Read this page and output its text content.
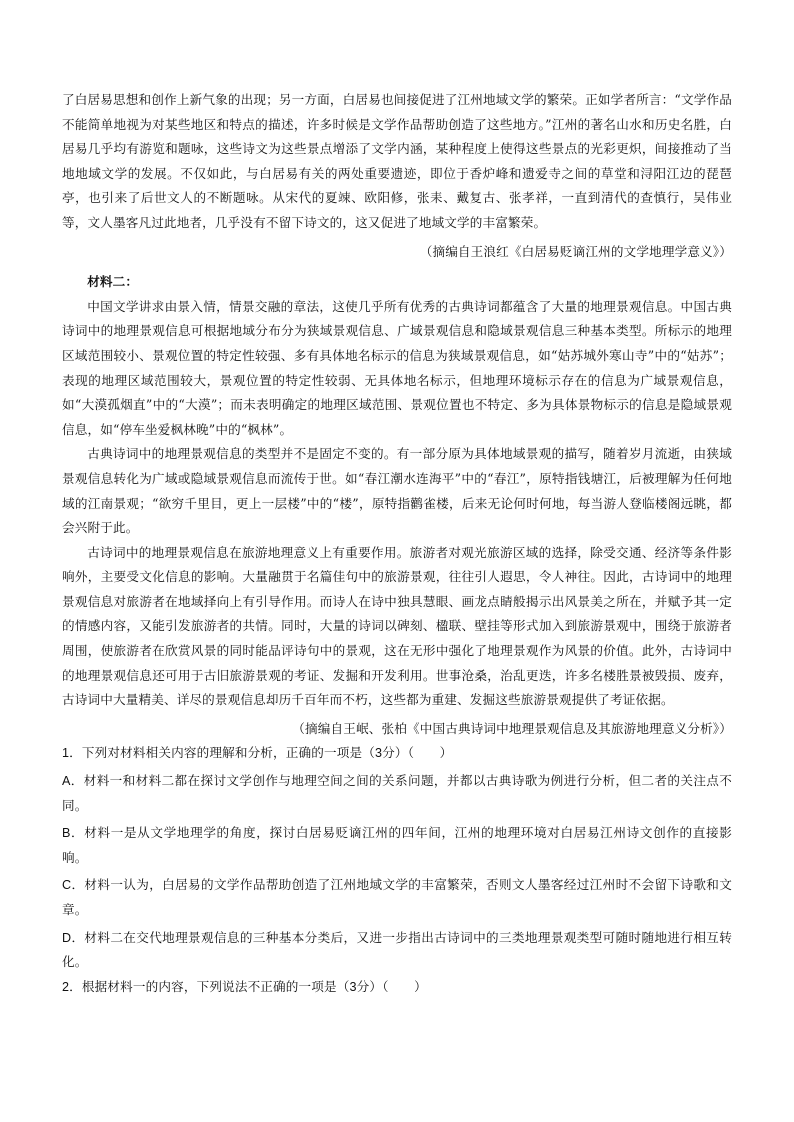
了白居易思想和创作上新气象的出现；另一方面，白居易也间接促进了江州地域文学的繁荣。正如学者所言：“文学作品不能简单地视为对某些地区和特点的描述，许多时候是文学作品帮助创造了这些地方。”江州的著名山水和历史名胜，白居易几乎均有游览和题咏，这些诗文为这些景点增添了文学内涵，某种程度上使得这些景点的光彩更炽，间接推动了当地地域文学的发展。不仅如此，与白居易有关的两处重要遗迹，即位于香炉峰和遗爱寺之间的草堂和浔阳江边的琵琶亭，也引来了后世文人的不断题咏。从宋代的夏竦、欧阳修，张耒、戴复古、张孝祥，一直到清代的查慎行，吴伟业等，文人墨客凡过此地者，几乎没有不留下诗文的，这又促进了地域文学的丰富繁荣。

（摘编自王浪红《白居易贬谪江州的文学地理学意义》）

材料二：

中国文学讲求由景入情，情景交融的章法，这使几乎所有优秀的古典诗词都蕴含了大量的地理景观信息。中国古典诗词中的地理景观信息可根据地域分布分为狭域景观信息、广域景观信息和隐域景观信息三种基本类型。所标示的地理区域范围较小、景观位置的特定性较强、多有具体地名标示的信息为狭域景观信息，如“姑苏城外寒山寺”中的“姑苏”；表现的地理区域范围较大，景观位置的特定性较弱、无具体地名标示，但地理环境标示存在的信息为广域景观信息，如“大漠孤烟直”中的“大漠”；而未表明确定的地理区域范围、景观位置也不特定、多为具体景物标示的信息是隐域景观信息，如“停车坐爱枫林晚”中的“枫林”。

古典诗词中的地理景观信息的类型并不是固定不变的。有一部分原为具体地域景观的描写，随着岁月流逝，由狭域景观信息转化为广域或隐域景观信息而流传于世。如“春江潮水连海平”中的“春江”，原特指钱塘江，后被理解为任何地域的江南景观；“欲穷千里目，更上一层楼”中的“楼”，原特指鹳雀楼，后来无论何时何地，每当游人登临楼阁远眺，都会兴附于此。

古诗词中的地理景观信息在旅游地理意义上有重要作用。旅游者对观光旅游区域的选择，除受交通、经济等条件影响外，主要受文化信息的影响。大量融贯于名篇佳句中的旅游景观，往往引人遐思，令人神往。因此，古诗词中的地理景观信息对旅游者在地域择向上有引导作用。而诗人在诗中独具慧眼、画龙点睛般揭示出风景美之所在，并赋予其一定的情感内容，又能引发旅游者的共情。同时，大量的诗词以碑刻、楹联、壁挂等形式加入到旅游景观中，围绕于旅游者周围，使旅游者在欣赏风景的同时能品评诗句中的景观，这在无形中强化了地理景观作为风景的价值。此外，古诗词中的地理景观信息还可用于古旧旅游景观的考证、发掘和开发利用。世事沧桑，治乱更迭，许多名楼胜景被毁损、废弃，古诗词中大量精美、详尽的景观信息却历千百年而不朽，这些都为重建、发掘这些旅游景观提供了考证依据。

（摘编自王岷、张柏《中国古典诗词中地理景观信息及其旅游地理意义分析》）

1．下列对材料相关内容的理解和分析，正确的一项是（3分）（　　）

A．材料一和材料二都在探讨文学创作与地理空间之间的关系问题，并都以古典诗歌为例进行分析，但二者的关注点不同。

B．材料一是从文学地理学的角度，探讨白居易贬谪江州的四年间，江州的地理环境对白居易江州诗文创作的直接影响。

C．材料一认为，白居易的文学作品帮助创造了江州地域文学的丰富繁荣，否则文人墨客经过江州时不会留下诗歌和文章。

D．材料二在交代地理景观信息的三种基本分类后，又进一步指出古诗词中的三类地理景观类型可随时随地进行相互转化。

2．根据材料一的内容，下列说法不正确的一项是（3分）（　　）
